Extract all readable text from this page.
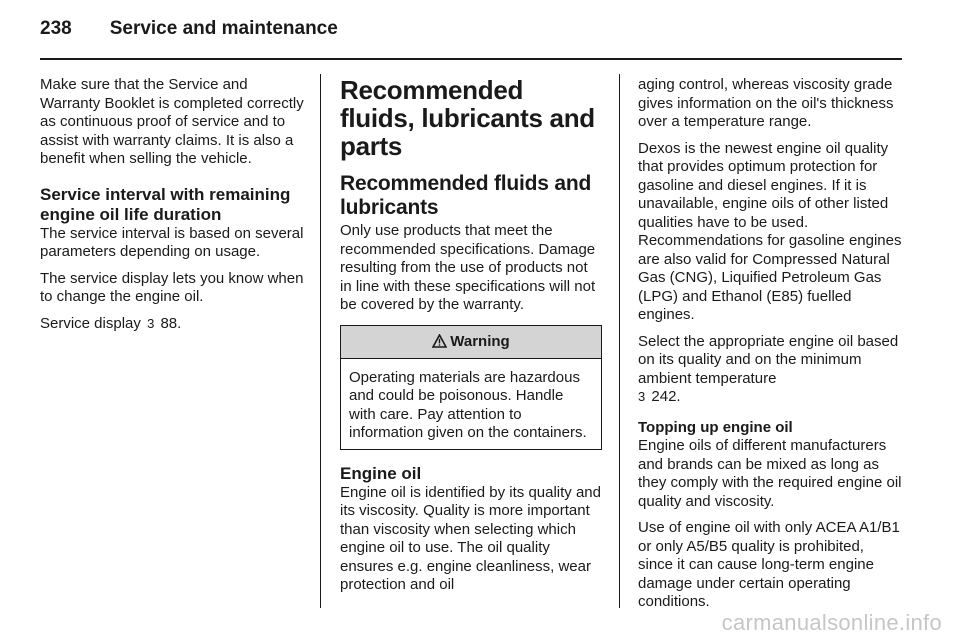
238 Service and maintenance

Make sure that the Service and Warranty Booklet is completed correctly as continuous proof of service and to assist with warranty claims. It is also a benefit when selling the vehicle.

Service interval with remaining engine oil life duration

The service interval is based on several parameters depending on usage.

The service display lets you know when to change the engine oil.

Service display 3 88.

Recommended fluids, lubricants and parts
Recommended fluids and lubricants

Only use products that meet the recommended specifications. Damage resulting from the use of products not in line with these specifications will not be covered by the warranty.

Warning

Operating materials are hazardous and could be poisonous. Handle with care. Pay attention to information given on the containers.

Engine oil

Engine oil is identified by its quality and its viscosity. Quality is more important than viscosity when selecting which engine oil to use. The oil quality ensures e.g. engine cleanliness, wear protection and oil

aging control, whereas viscosity grade gives information on the oil's thickness over a temperature range.

Dexos is the newest engine oil quality that provides optimum protection for gasoline and diesel engines. If it is unavailable, engine oils of other listed qualities have to be used. Recommendations for gasoline engines are also valid for Compressed Natural Gas (CNG), Liquified Petroleum Gas (LPG) and Ethanol (E85) fuelled engines.

Select the appropriate engine oil based on its quality and on the minimum ambient temperature
3 242.

Topping up engine oil

Engine oils of different manufacturers and brands can be mixed as long as they comply with the required engine oil quality and viscosity.

Use of engine oil with only ACEA A1/B1 or only A5/B5 quality is prohibited, since it can cause long-term engine damage under certain operating conditions.

carmanualsonline.info
